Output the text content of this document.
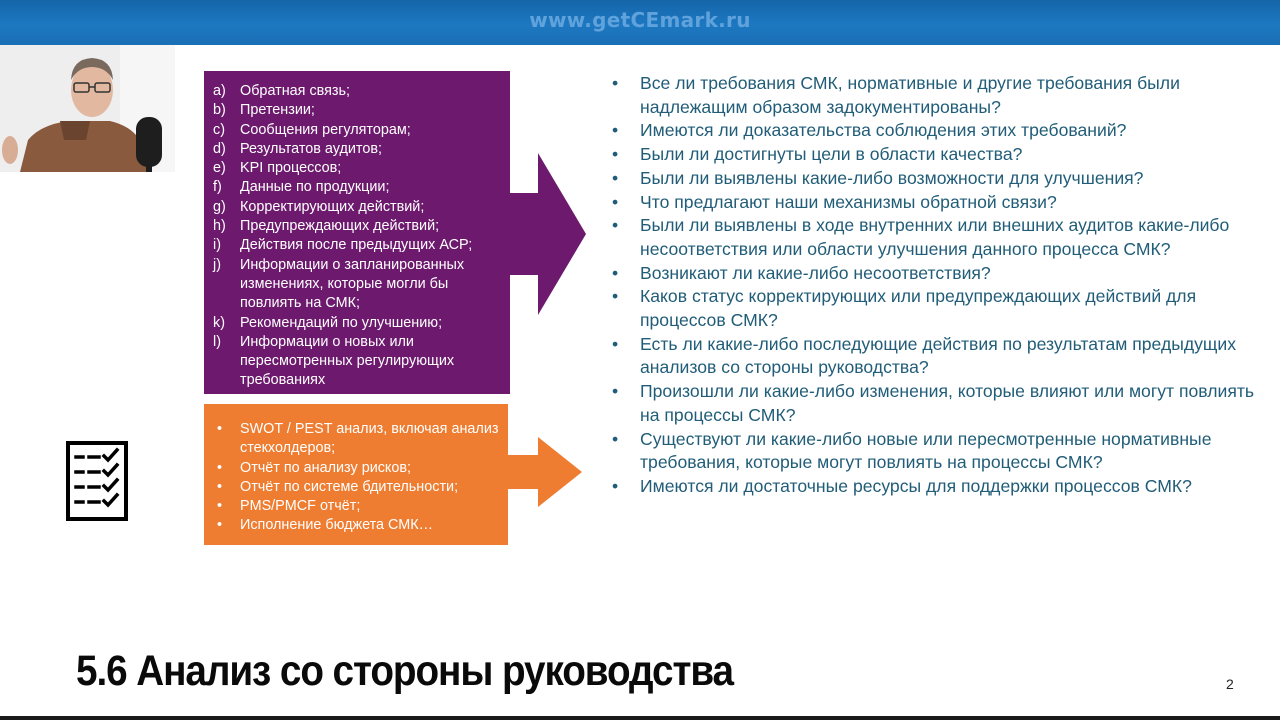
www.getCEmark.ru
a) Обратная связь;
b) Претензии;
c) Сообщения регуляторам;
d) Результатов аудитов;
e) KPI процессов;
f) Данные по продукции;
g) Корректирующих действий;
h) Предупреждающих действий;
i) Действия после предыдущих АСР;
j) Информации о запланированных изменениях, которые могли бы повлиять на СМК;
k) Рекомендаций по улучшению;
l) Информации о новых или пересмотренных регулирующих требованиях
• SWOT / PEST анализ, включая анализ стекхолдеров;
• Отчёт по анализу рисков;
• Отчёт по системе бдительности;
• PMS/PMCF отчёт;
• Исполнение бюджета СМК…
• Все ли требования СМК, нормативные и другие требования были надлежащим образом задокументированы?
• Имеются ли доказательства соблюдения этих требований?
• Были ли достигнуты цели в области качества?
• Были ли выявлены какие-либо возможности для улучшения?
• Что предлагают наши механизмы обратной связи?
• Были ли выявлены в ходе внутренних или внешних аудитов какие-либо несоответствия или области улучшения данного процесса СМК?
• Возникают ли какие-либо несоответствия?
• Каков статус корректирующих или предупреждающих действий для процессов СМК?
• Есть ли какие-либо последующие действия по результатам предыдущих анализов со стороны руководства?
• Произошли ли какие-либо изменения, которые влияют или могут повлиять на процессы СМК?
• Существуют ли какие-либо новые или пересмотренные нормативные требования, которые могут повлиять на процессы СМК?
• Имеются ли достаточные ресурсы для поддержки процессов СМК?
5.6 Анализ со стороны руководства	2
